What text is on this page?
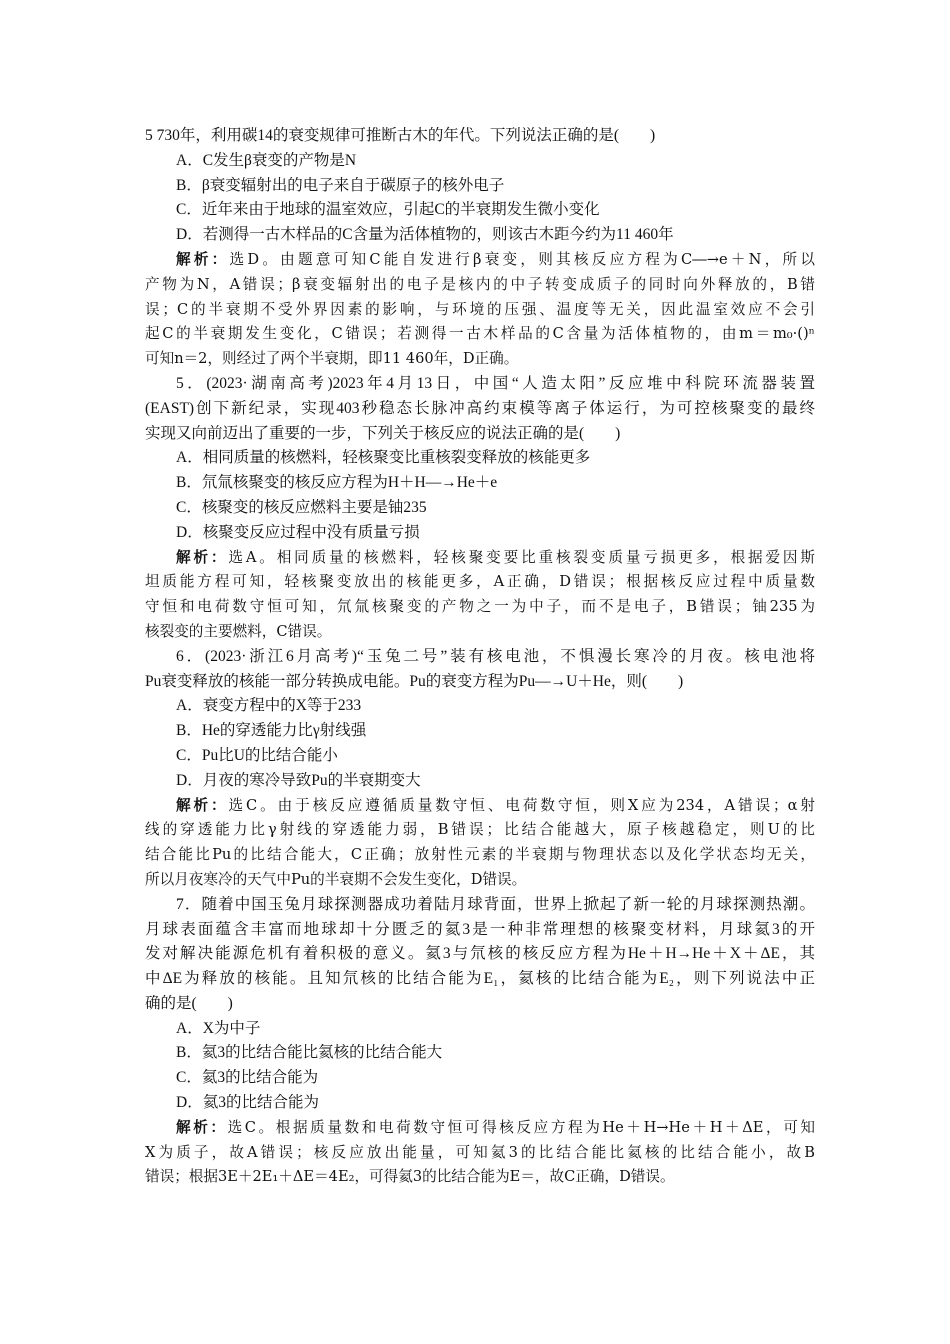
5 730年，利用碳14的衰变规律可推断古木的年代。下列说法正确的是(　　)
A．C发生β衰变的产物是N
B．β衰变辐射出的电子来自于碳原子的核外电子
C．近年来由于地球的温室效应，引起C的半衰期发生微小变化
D．若测得一古木样品的C含量为活体植物的，则该古木距今约为11 460年
解析：选D。由题意可知C能自发进行β衰变，则其核反应方程为C―→e＋N，所以
产物为N，A错误；β衰变辐射出的电子是核内的中子转变成质子的同时向外释放的，B错
误；C的半衰期不受外界因素的影响，与环境的压强、温度等无关，因此温室效应不会引
起C的半衰期发生变化，C错误；若测得一古木样品的C含量为活体植物的，由m＝m₀·()ⁿ
可知n＝2，则经过了两个半衰期，即11 460年，D正确。
5．(2023·湖南高考)2023年4月13日，中国“人造太阳”反应堆中科院环流器装置
(EAST)创下新纪录，实现403秒稳态长脉冲高约束模等离子体运行，为可控核聚变的最终
实现又向前迈出了重要的一步，下列关于核反应的说法正确的是(　　)
A．相同质量的核燃料，轻核聚变比重核裂变释放的核能更多
B．氘氚核聚变的核反应方程为H＋H―→He＋e
C．核聚变的核反应燃料主要是铀235
D．核聚变反应过程中没有质量亏损
解析：选A。相同质量的核燃料，轻核聚变要比重核裂变质量亏损更多，根据爱因斯
坦质能方程可知，轻核聚变放出的核能更多，A正确，D错误；根据核反应过程中质量数
守恒和电荷数守恒可知，氘氚核聚变的产物之一为中子，而不是电子，B错误；铀235为
核裂变的主要燃料，C错误。
6．(2023·浙江6月高考)“玉兔二号”装有核电池，不惧漫长寒冷的月夜。核电池将
Pu衰变释放的核能一部分转换成电能。Pu的衰变方程为Pu―→U＋He，则(　　)
A．衰变方程中的X等于233
B．He的穿透能力比γ射线强
C．Pu比U的比结合能小
D．月夜的寒冷导致Pu的半衰期变大
解析：选C。由于核反应遵循质量数守恒、电荷数守恒，则X应为234，A错误；α射
线的穿透能力比γ射线的穿透能力弱，B错误；比结合能越大，原子核越稳定，则U的比
结合能比Pu的比结合能大，C正确；放射性元素的半衰期与物理状态以及化学状态均无关，
所以月夜寒冷的天气中Pu的半衰期不会发生变化，D错误。
7．随着中国玉兔月球探测器成功着陆月球背面，世界上掀起了新一轮的月球探测热潮。
月球表面蕴含丰富而地球却十分匮乏的氦3是一种非常理想的核聚变材料，月球氦3的开
发对解决能源危机有着积极的意义。氦3与氘核的核反应方程为He＋H→He＋X＋ΔE，其
中ΔE为释放的核能。且知氘核的比结合能为E₁，氦核的比结合能为E₂，则下列说法中正
确的是(　　)
A．X为中子
B．氦3的比结合能比氦核的比结合能大
C．氦3的比结合能为
D．氦3的比结合能为
解析：选C。根据质量数和电荷数守恒可得核反应方程为He＋H→He＋H＋ΔE，可知
X为质子，故A错误；核反应放出能量，可知氦3的比结合能比氦核的比结合能小，故B
错误；根据3E＋2E₁＋ΔE＝4E₂，可得氦3的比结合能为E＝，故C正确，D错误。
